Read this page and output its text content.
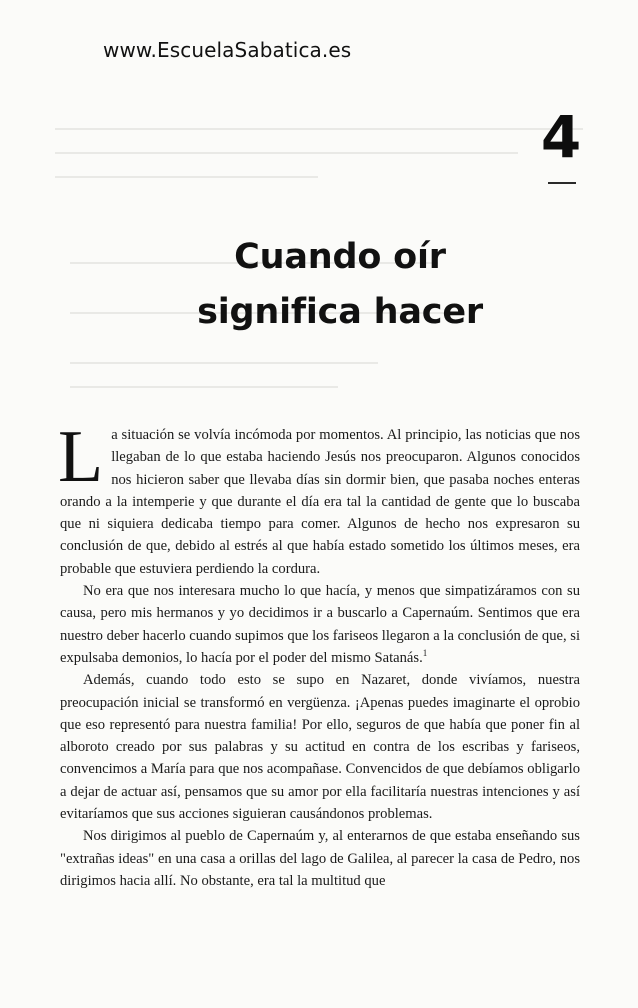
www.EscuelaSabatica.es
4
Cuando oír
significa hacer

La situación se volvía incómoda por momentos. Al principio, las noticias que nos llegaban de lo que estaba haciendo Jesús nos preocuparon. Algunos conocidos nos hicieron saber que llevaba días sin dormir bien, que pasaba noches enteras orando a la intemperie y que durante el día era tal la cantidad de gente que lo buscaba que ni siquiera dedicaba tiempo para comer. Algunos de hecho nos expresaron su conclusión de que, debido al estrés al que había estado sometido los últimos meses, era probable que estuviera perdiendo la cordura.

No era que nos interesara mucho lo que hacía, y menos que simpatizáramos con su causa, pero mis hermanos y yo decidimos ir a buscarlo a Capernaúm. Sentimos que era nuestro deber hacerlo cuando supimos que los fariseos llegaron a la conclusión de que, si expulsaba demonios, lo hacía por el poder del mismo Satanás.$^1$

Además, cuando todo esto se supo en Nazaret, donde vivíamos, nuestra preocupación inicial se transformó en vergüenza. ¡Apenas puedes imaginarte el oprobio que eso representó para nuestra familia! Por ello, seguros de que había que poner fin al alboroto creado por sus palabras y su actitud en contra de los escribas y fariseos, convencimos a María para que nos acompañase. Convencidos de que debíamos obligarlo a dejar de actuar así, pensamos que su amor por ella facilitaría nuestras intenciones y así evitaríamos que sus acciones siguieran causándonos problemas.

Nos dirigimos al pueblo de Capernaúm y, al enterarnos de que estaba enseñando sus "extrañas ideas" en una casa a orillas del lago de Galilea, al parecer la casa de Pedro, nos dirigimos hacia allí. No obstante, era tal la multitud que
